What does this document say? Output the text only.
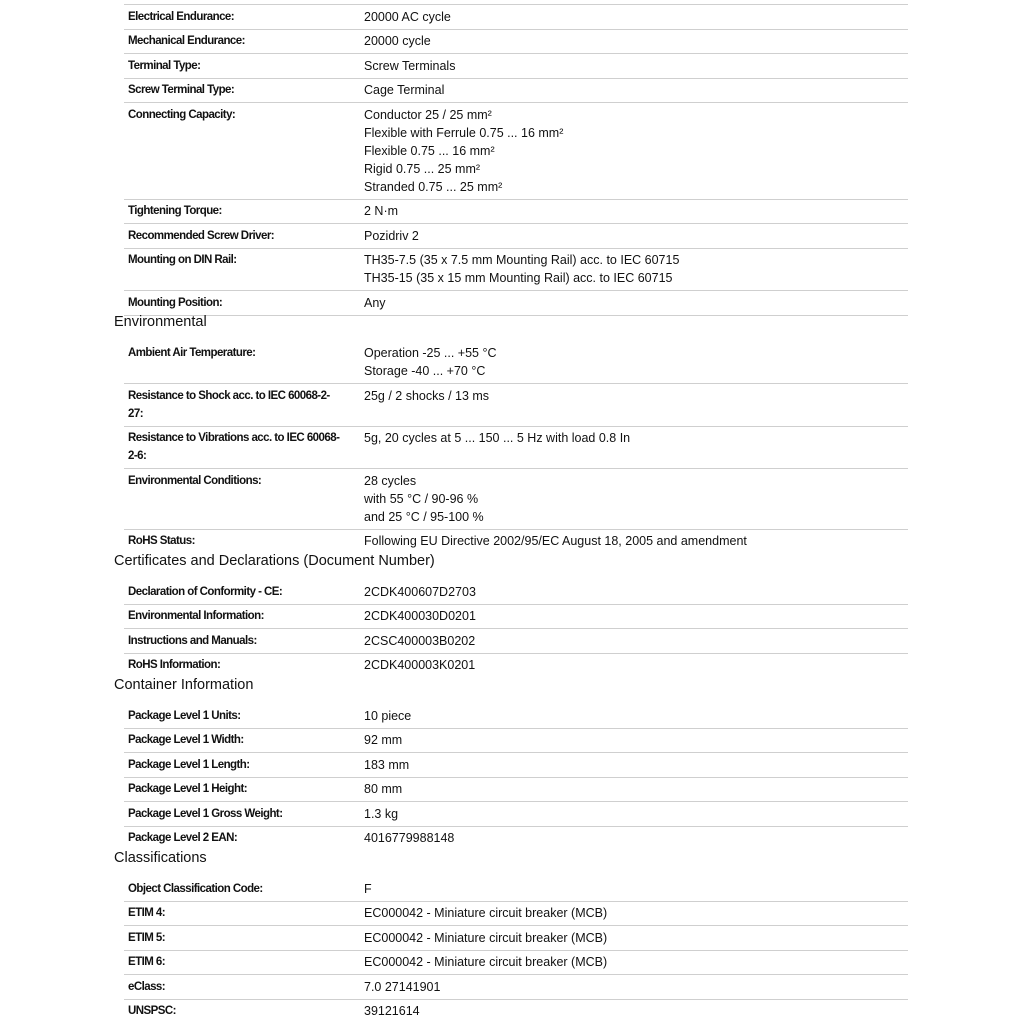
Electrical Endurance:	20000 AC cycle
Mechanical Endurance:	20000 cycle
Terminal Type:	Screw Terminals
Screw Terminal Type:	Cage Terminal
Connecting Capacity:	Conductor 25 / 25 mm²
Flexible with Ferrule 0.75 ... 16 mm²
Flexible 0.75 ... 16 mm²
Rigid 0.75 ... 25 mm²
Stranded 0.75 ... 25 mm²
Tightening Torque:	2 N·m
Recommended Screw Driver:	Pozidriv 2
Mounting on DIN Rail:	TH35-7.5 (35 x 7.5 mm Mounting Rail) acc. to IEC 60715
TH35-15 (35 x 15 mm Mounting Rail) acc. to IEC 60715
Mounting Position:	Any
Environmental
Ambient Air Temperature:	Operation -25 ... +55 °C
Storage -40 ... +70 °C
Resistance to Shock acc. to IEC 60068-2-27:
25g / 2 shocks / 13 ms
Resistance to Vibrations acc. to IEC 60068-2-6:
5g, 20 cycles at 5 ... 150 ... 5 Hz with load 0.8 In
Environmental Conditions:	28 cycles
with 55 °C / 90-96 %
and 25 °C / 95-100 %
RoHS Status:	Following EU Directive 2002/95/EC August 18, 2005 and amendment
Certificates and Declarations (Document Number)
Declaration of Conformity - CE:	2CDK400607D2703
Environmental Information:	2CDK400030D0201
Instructions and Manuals:	2CSC400003B0202
RoHS Information:	2CDK400003K0201
Container Information
Package Level 1 Units:	10 piece
Package Level 1 Width:	92 mm
Package Level 1 Length:	183 mm
Package Level 1 Height:	80 mm
Package Level 1 Gross Weight:	1.3 kg
Package Level 2 EAN:	4016779988148
Classifications
Object Classification Code:	F
ETIM 4:	EC000042 - Miniature circuit breaker (MCB)
ETIM 5:	EC000042 - Miniature circuit breaker (MCB)
ETIM 6:	EC000042 - Miniature circuit breaker (MCB)
eClass:	7.0 27141901
UNSPSC:	39121614
